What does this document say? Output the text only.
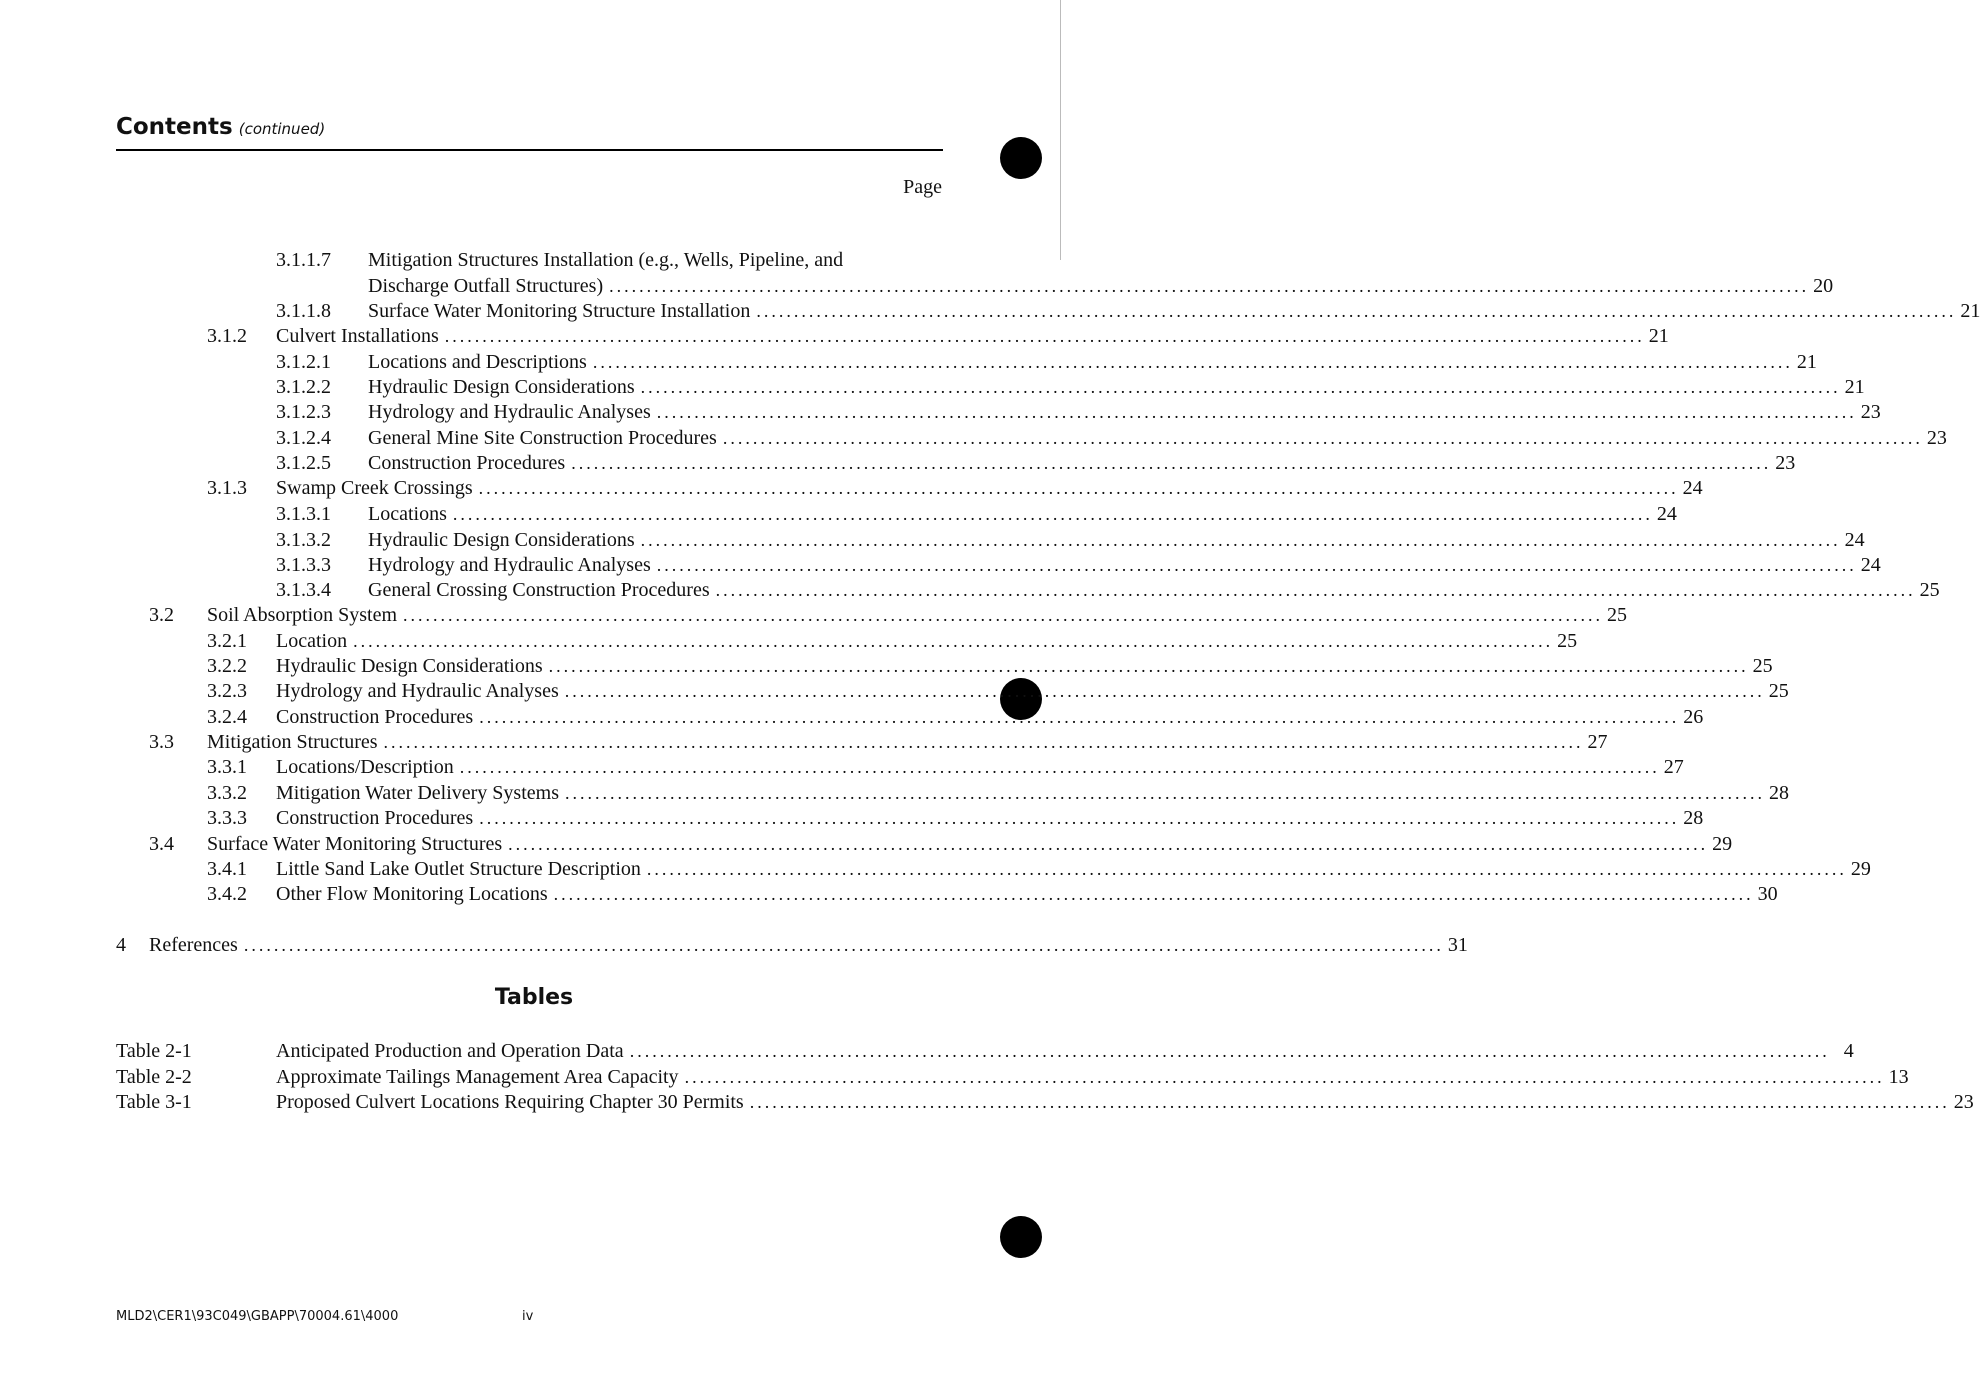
Contents (continued)
Page
3.1.1.7 Mitigation Structures Installation (e.g., Wells, Pipeline, and
Discharge Outfall Structures) ................................................................................................................................................................ 20
3.1.1.8 Surface Water Monitoring Structure Installation ................................................................................................................................................................ 21
3.1.2 Culvert Installations ................................................................................................................................................................ 21
3.1.2.1 Locations and Descriptions ................................................................................................................................................................ 21
3.1.2.2 Hydraulic Design Considerations ................................................................................................................................................................ 21
3.1.2.3 Hydrology and Hydraulic Analyses ................................................................................................................................................................ 23
3.1.2.4 General Mine Site Construction Procedures ................................................................................................................................................................ 23
3.1.2.5 Construction Procedures ................................................................................................................................................................ 23
3.1.3 Swamp Creek Crossings ................................................................................................................................................................ 24
3.1.3.1 Locations ................................................................................................................................................................ 24
3.1.3.2 Hydraulic Design Considerations ................................................................................................................................................................ 24
3.1.3.3 Hydrology and Hydraulic Analyses ................................................................................................................................................................ 24
3.1.3.4 General Crossing Construction Procedures ................................................................................................................................................................ 25
3.2 Soil Absorption System ................................................................................................................................................................ 25
3.2.1 Location ................................................................................................................................................................ 25
3.2.2 Hydraulic Design Considerations ................................................................................................................................................................ 25
3.2.3 Hydrology and Hydraulic Analyses ................................................................................................................................................................ 25
3.2.4 Construction Procedures ................................................................................................................................................................ 26
3.3 Mitigation Structures ................................................................................................................................................................ 27
3.3.1 Locations/Description ................................................................................................................................................................ 27
3.3.2 Mitigation Water Delivery Systems ................................................................................................................................................................ 28
3.3.3 Construction Procedures ................................................................................................................................................................ 28
3.4 Surface Water Monitoring Structures ................................................................................................................................................................ 29
3.4.1 Little Sand Lake Outlet Structure Description ................................................................................................................................................................ 29
3.4.2 Other Flow Monitoring Locations ................................................................................................................................................................ 30
4 References ................................................................................................................................................................ 31
Tables
Table 2-1	Anticipated Production and Operation Data ................................................................................................................................................................ 4
Table 2-2	Approximate Tailings Management Area Capacity ................................................................................................................................................................ 13
Table 3-1	Proposed Culvert Locations Requiring Chapter 30 Permits ................................................................................................................................................................ 23
MLD2\CER1\93C049\GBAPP\70004.61\4000	iv
